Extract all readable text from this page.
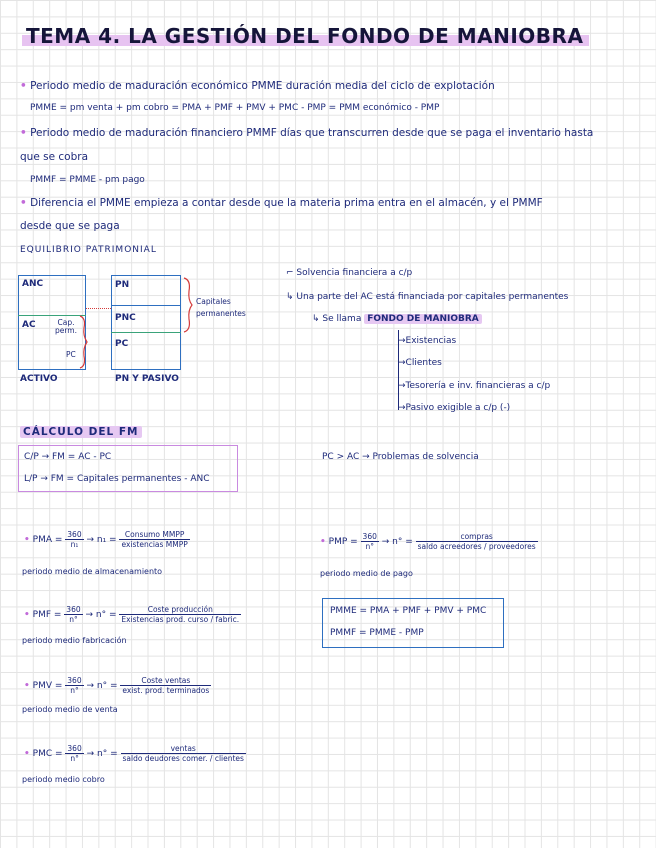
TEMA 4. LA GESTIÓN DEL FONDO DE MANIOBRA
• Periodo medio de maduración económico PMME duración media del ciclo de explotación
PMME = pm venta + pm cobro = PMA + PMF + PMV + PMC - PMP = PMM económico - PMP
• Periodo medio de maduración financiero PMMF días que transcurren desde que se paga el inventario hasta
que se cobra
PMMF = PMME - pm pago
• Diferencia el PMME empieza a contar desde que la materia prima entra en el almacén, y el PMMF
desde que se paga
EQUILIBRIO PATRIMONIAL
ANC
AC	Cap. perm.
PC
ACTIVO
PN
PNC
PC
PN Y PASIVO
Capitales permanentes
⌐ Solvencia financiera a c/p
↳ Una parte del AC está financiada por capitales permanentes
↳ Se llama FONDO DE MANIOBRA
→Existencias
→Clientes
→Tesorería e inv. financieras a c/p
→Pasivo exigible a c/p (-)
CÁLCULO DEL FM
C/P → FM = AC - PC
L/P → FM = Capitales permanentes - ANC
PC > AC → Problemas de solvencia
• PMA = $\frac{360}{\text{n₁}} \to n_1 = \frac{\text{Consumo MMPP}}{\text{existencias MMPP}}$
periodo medio de almacenamiento
• PMP = $\frac{360}{n^\circ} \to n^\circ = \frac{\text{compras}}{\text{saldo acreedores / proveedores}}$
periodo medio de pago
• PMF = $\frac{360}{n^\circ} \to n^\circ = \frac{\text{Coste producción}}{\text{Existencias prod. curso / fabric.}}$
periodo medio fabricación
PMME = PMA + PMF + PMV + PMC
PMMF = PMME - PMP
• PMV = $\frac{360}{n^\circ} \to n^\circ = \frac{\text{Coste ventas}}{\text{exist. prod. terminados}}$
periodo medio de venta
• PMC = $\frac{360}{n^\circ} \to n^\circ = \frac{\text{ventas}}{\text{saldo deudores comer. / clientes}}$
periodo medio cobro
